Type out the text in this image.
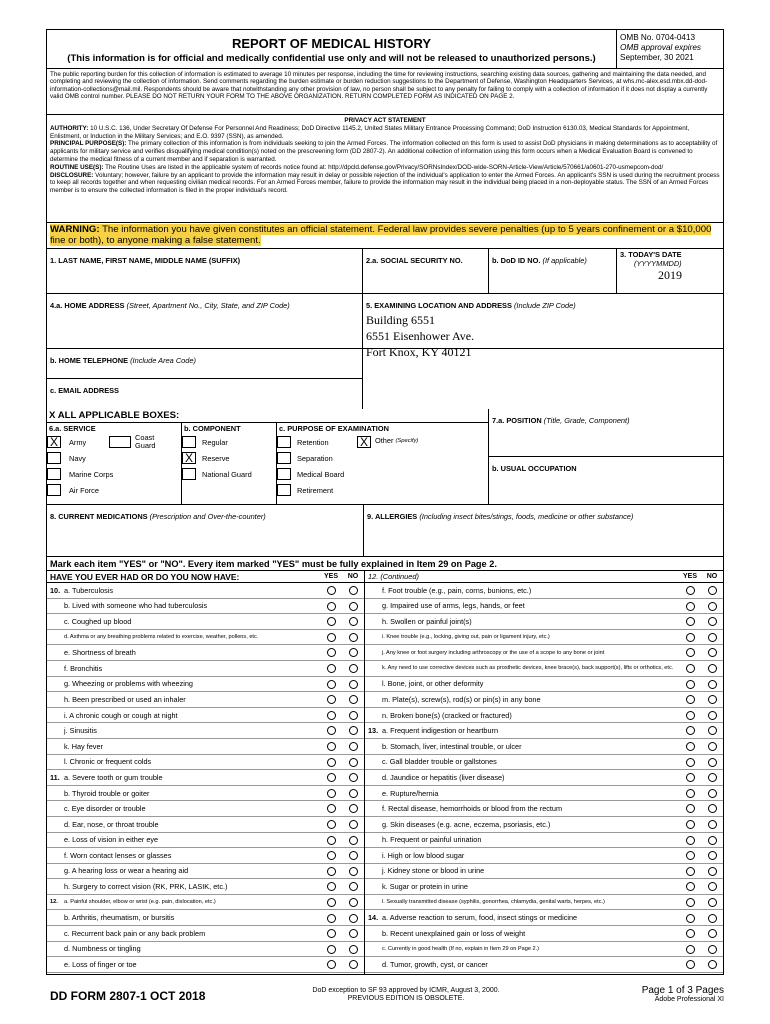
REPORT OF MEDICAL HISTORY
(This information is for official and medically confidential use only and will not be released to unauthorized persons.)
OMB No. 0704-0413
OMB approval expires
September, 30 2021
The public reporting burden for this collection of information is estimated to average 10 minutes per response, including the time for reviewing instructions, searching existing data sources, gathering and maintaining the data needed, and completing and reviewing the collection of information. Send comments regarding the burden estimate or burden reduction suggestions to the Department of Defense, Washington Headquarters Services, at whs.mc-alex.esd.mbx.dd-dod-information-collections@mail.mil. Respondents should be aware that notwithstanding any other provision of law, no person shall be subject to any penalty for failing to comply with a collection of information if it does not display a currently valid OMB control number. PLEASE DO NOT RETURN YOUR FORM TO THE ABOVE ORGANIZATION. RETURN COMPLETED FORM AS INDICATED ON PAGE 2.
PRIVACY ACT STATEMENT
AUTHORITY: 10 U.S.C. 136, Under Secretary Of Defense For Personnel And Readiness; DoD Directive 1145.2, United States Military Entrance Processing Command; DoD Instruction 6130.03, Medical Standards for Appointment, Enlistment, or Induction in the Military Services; and E.O. 9397 (SSN), as amended.
PRINCIPAL PURPOSE(S): The primary collection of this information is from individuals seeking to join the Armed Forces. The information collected on this form is used to assist DoD physicians in making determinations as to acceptability of applicants for military service and verifies disqualifying medical condition(s) noted on the prescreening form (DD 2807-2). An additional collection of information using this form occurs when a Medical Evaluation Board is convened to determine the medical fitness of a current member and if separation is warranted.
ROUTINE USE(S): The Routine Uses are listed in the applicable system of records notice found at: http://dpcld.defense.gov/Privacy/SORNsIndex/DOD-wide-SORN-Article-View/Article/570661/a0601-270-usmepcom-dod/
DISCLOSURE: Voluntary; however, failure by an applicant to provide the information may result in delay or possible rejection of the individual's application to enter the Armed Forces. An applicant's SSN is used during the recruitment process to keep all records together and when requesting civilian medical records. For an Armed Forces member, failure to provide the information may result in the individual being placed in a non-deployable status. The SSN of an Armed Forces member is to ensure the collected information is filed in the proper individual's record.
WARNING: The information you have given constitutes an official statement. Federal law provides severe penalties (up to 5 years confinement or a $10,000 fine or both), to anyone making a false statement.
1. LAST NAME, FIRST NAME, MIDDLE NAME (SUFFIX)	2.a. SOCIAL SECURITY NO.	b. DoD ID NO. (If applicable)
3. TODAY'S DATE
(YYYYMMDD)
2019
4.a. HOME ADDRESS (Street, Apartment No., City, State, and ZIP Code)	5. EXAMINING LOCATION AND ADDRESS (Include ZIP Code)
Building 6551
6551 Eisenhower Ave.
Fort Knox, KY 40121
b. HOME TELEPHONE (Include Area Code)
c. EMAIL ADDRESS
X ALL APPLICABLE BOXES:
6.a. SERVICE
X	Army	Coast Guard
Navy
Marine Corps
Air Force
b. COMPONENT
Regular
X	Reserve
National Guard
c. PURPOSE OF EXAMINATION
Retention
Separation
Medical Board
Retirement
X Other (Specify)
7.a. POSITION (Title, Grade, Component)
b. USUAL OCCUPATION
8. CURRENT MEDICATIONS (Prescription and Over-the-counter)	9. ALLERGIES (Including insect bites/stings, foods, medicine or other substance)
Mark each item "YES" or "NO". Every item marked "YES" must be fully explained in Item 29 on Page 2.
HAVE YOU EVER HAD OR DO YOU NOW HAVE:	YES	NO
10. a. Tuberculosis
b. Lived with someone who had tuberculosis
c. Coughed up blood
d. Asthma or any breathing problems related to exercise, weather, pollens, etc.
e. Shortness of breath
f. Bronchitis
g. Wheezing or problems with wheezing
h. Been prescribed or used an inhaler
i. A chronic cough or cough at night
j. Sinusitis
k. Hay fever
l. Chronic or frequent colds
11. a. Severe tooth or gum trouble
b. Thyroid trouble or goiter
c. Eye disorder or trouble
d. Ear, nose, or throat trouble
e. Loss of vision in either eye
f. Worn contact lenses or glasses
g. A hearing loss or wear a hearing aid
h. Surgery to correct vision (RK, PRK, LASIK, etc.)
12. a. Painful shoulder, elbow or wrist (e.g. pain, dislocation, etc.)
b. Arthritis, rheumatism, or bursitis
c. Recurrent back pain or any back problem
d. Numbness or tingling
e. Loss of finger or toe
12. (Continued)	YES	NO
f. Foot trouble (e.g., pain, corns, bunions, etc.)
g. Impaired use of arms, legs, hands, or feet
h. Swollen or painful joint(s)
i. Knee trouble (e.g., locking, giving out, pain or ligament injury, etc.)
j. Any knee or foot surgery including arthroscopy or the use of a scope to any bone or joint
k. Any need to use corrective devices such as prosthetic devices, knee brace(s), back support(s), lifts or orthotics, etc.
l. Bone, joint, or other deformity
m. Plate(s), screw(s), rod(s) or pin(s) in any bone
n. Broken bone(s) (cracked or fractured)
13. a. Frequent indigestion or heartburn
b. Stomach, liver, intestinal trouble, or ulcer
c. Gall bladder trouble or gallstones
d. Jaundice or hepatitis (liver disease)
e. Rupture/hernia
f. Rectal disease, hemorrhoids or blood from the rectum
g. Skin diseases (e.g. acne, eczema, psoriasis, etc.)
h. Frequent or painful urination
i. High or low blood sugar
j. Kidney stone or blood in urine
k. Sugar or protein in urine
l. Sexually transmitted disease (syphilis, gonorrhea, chlamydia, genital warts, herpes, etc.)
14. a. Adverse reaction to serum, food, insect stings or medicine
b. Recent unexplained gain or loss of weight
c. Currently in good health (If no, explain in Item 29 on Page 2.)
d. Tumor, growth, cyst, or cancer
DD FORM 2807-1 OCT 2018	DoD exception to SF 93 approved by ICMR, August 3, 2000.
PREVIOUS EDITION IS OBSOLETE.
Page 1 of 3 Pages
Adobe Professional XI
